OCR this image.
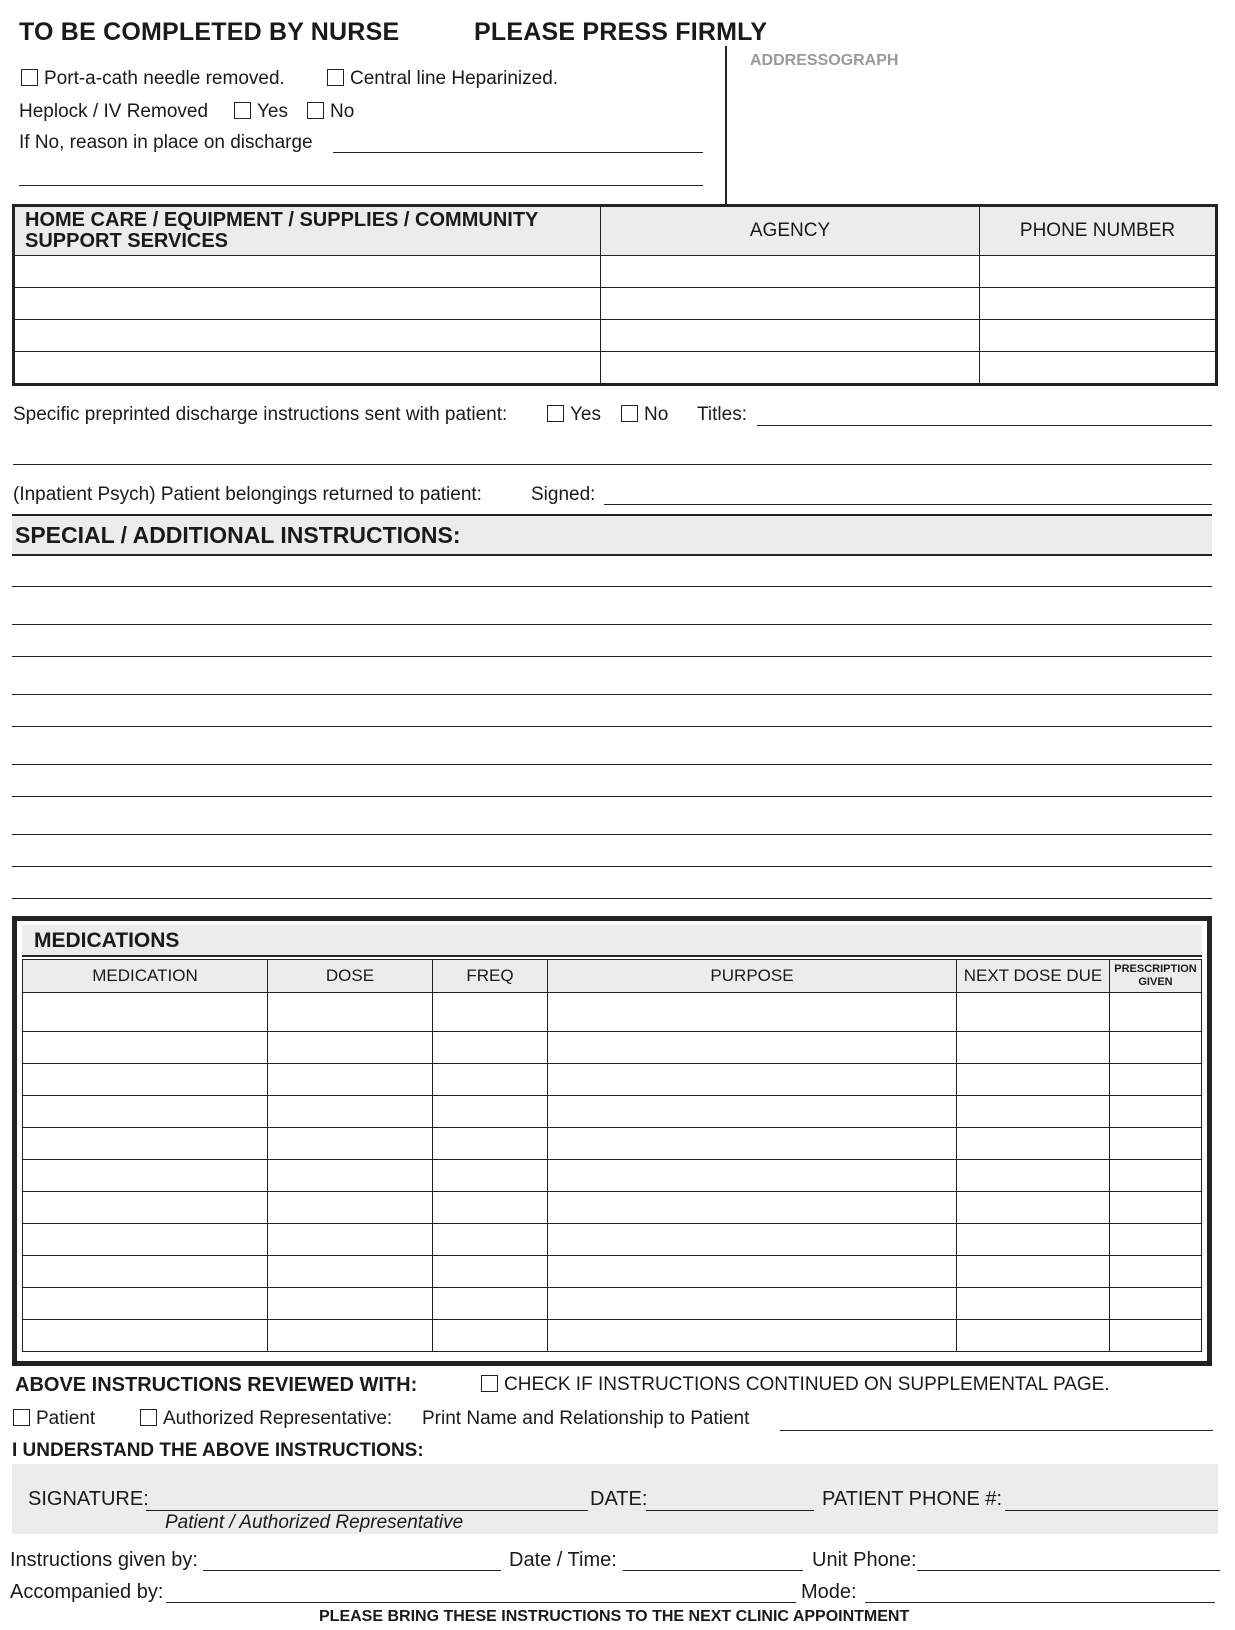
TO BE COMPLETED BY NURSE	PLEASE PRESS FIRMLY
ADDRESSOGRAPH
Port-a-cath needle removed.	Central line Heparinized.
Heplock / IV Removed	Yes	No
If No, reason in place on discharge
HOME CARE / EQUIPMENT / SUPPLIES / COMMUNITY SUPPORT SERVICES	AGENCY	PHONE NUMBER

Specific preprinted discharge instructions sent with patient:	Yes	No Titles:
(Inpatient Psych) Patient belongings returned to patient:	Signed:
SPECIAL / ADDITIONAL INSTRUCTIONS:
MEDICATIONS
MEDICATION	DOSE	FREQ	PURPOSE	NEXT DOSE DUE	PRESCRIPTION
GIVEN

ABOVE INSTRUCTIONS REVIEWED WITH:	CHECK IF INSTRUCTIONS CONTINUED ON SUPPLEMENTAL PAGE.
Patient	Authorized Representative: Print Name and Relationship to Patient
I UNDERSTAND THE ABOVE INSTRUCTIONS:
SIGNATURE:	DATE:	PATIENT PHONE #:
Patient / Authorized Representative
Instructions given by:	Date / Time:	Unit Phone:
Accompanied by:	Mode:
PLEASE BRING THESE INSTRUCTIONS TO THE NEXT CLINIC APPOINTMENT
